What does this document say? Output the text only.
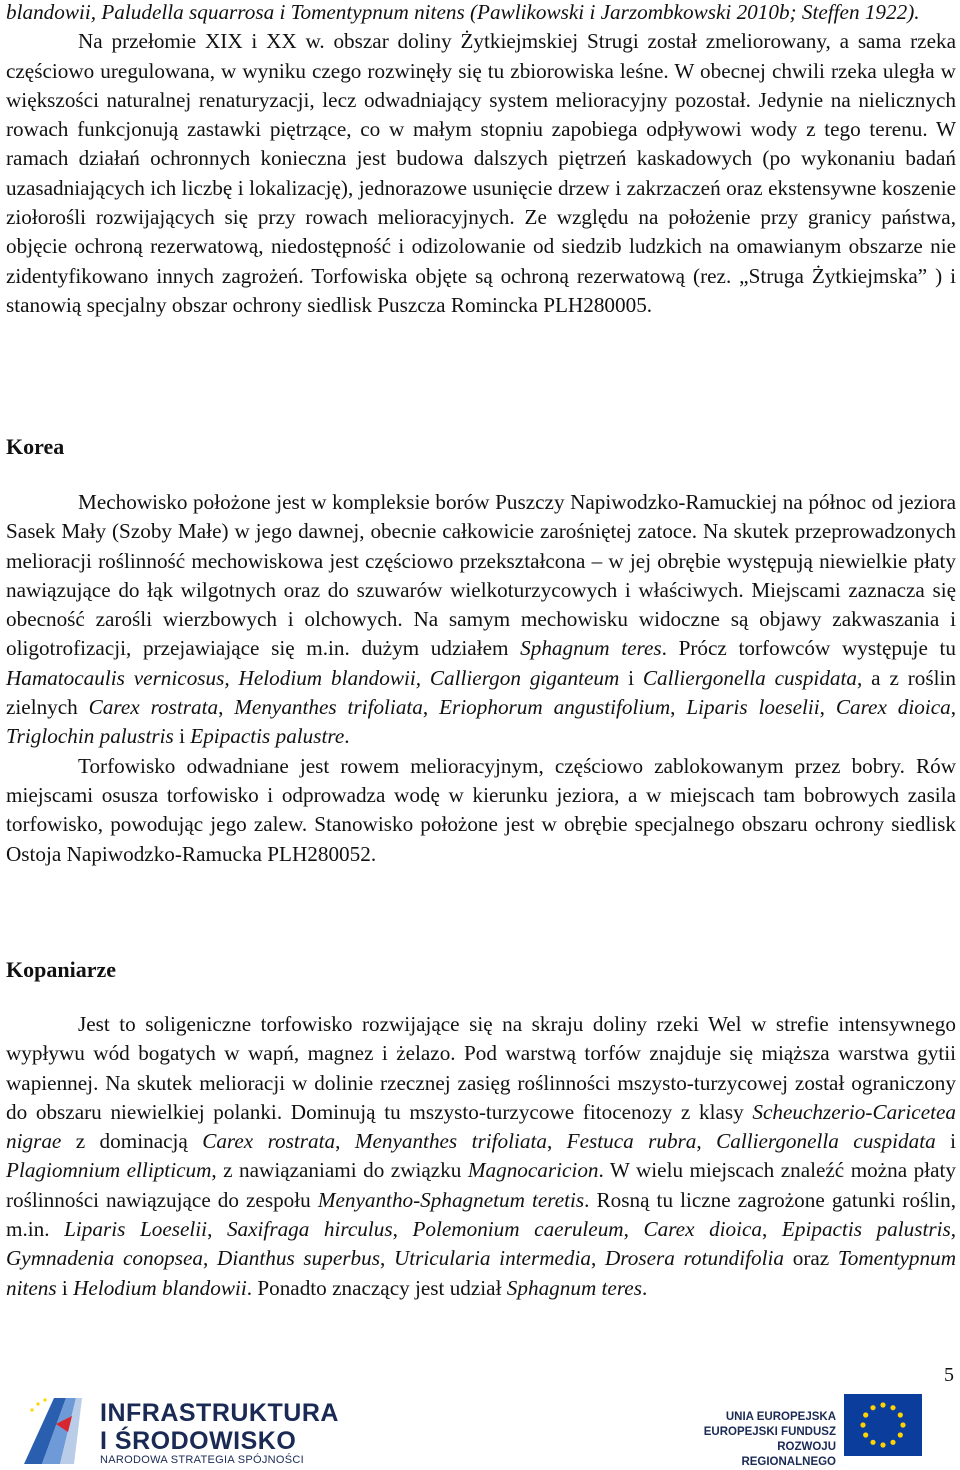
blandowii, Paludella squarrosa i Tomentypnum nitens (Pawlikowski i Jarzombkowski 2010b; Steffen 1922).

Na przełomie XIX i XX w. obszar doliny Żytkiejmskiej Strugi został zmeliorowany, a sama rzeka częściowo uregulowana, w wyniku czego rozwinęły się tu zbiorowiska leśne. W obecnej chwili rzeka uległa w większości naturalnej renaturyzacji, lecz odwadniający system melioracyjny pozostał. Jedynie na nielicznych rowach funkcjonują zastawki piętrzące, co w małym stopniu zapobiega odpływowi wody z tego terenu. W ramach działań ochronnych konieczna jest budowa dalszych piętrzeń kaskadowych (po wykonaniu badań uzasadniających ich liczbę i lokalizację), jednorazowe usunięcie drzew i zakrzaczeń oraz ekstensywne koszenie ziołorośli rozwijających się przy rowach melioracyjnych. Ze względu na położenie przy granicy państwa, objęcie ochroną rezerwatową, niedostępność i odizolowanie od siedzib ludzkich na omawianym obszarze nie zidentyfikowano innych zagrożeń. Torfowiska objęte są ochroną rezerwatową (rez. „Struga Żytkiejmska” ) i stanowią specjalny obszar ochrony siedlisk Puszcza Romincka PLH280005.

Korea

Mechowisko położone jest w kompleksie borów Puszczy Napiwodzko-Ramuckiej na północ od jeziora Sasek Mały (Szoby Małe) w jego dawnej, obecnie całkowicie zarośniętej zatoce. Na skutek przeprowadzonych melioracji roślinność mechowiskowa jest częściowo przekształcona – w jej obrębie występują niewielkie płaty nawiązujące do łąk wilgotnych oraz do szuwarów wielkoturzycowych i właściwych. Miejscami zaznacza się obecność zarośli wierzbowych i olchowych. Na samym mechowisku widoczne są objawy zakwaszania i oligotrofizacji, przejawiające się m.in. dużym udziałem Sphagnum teres. Prócz torfowców występuje tu Hamatocaulis vernicosus, Helodium blandowii, Calliergon giganteum i Calliergonella cuspidata, a z roślin zielnych Carex rostrata, Menyanthes trifoliata, Eriophorum angustifolium, Liparis loeselii, Carex dioica, Triglochin palustris i Epipactis palustre.

Torfowisko odwadniane jest rowem melioracyjnym, częściowo zablokowanym przez bobry. Rów miejscami osusza torfowisko i odprowadza wodę w kierunku jeziora, a w miejscach tam bobrowych zasila torfowisko, powodując jego zalew. Stanowisko położone jest w obrębie specjalnego obszaru ochrony siedlisk Ostoja Napiwodzko-Ramucka PLH280052.

Kopaniarze

Jest to soligeniczne torfowisko rozwijające się na skraju doliny rzeki Wel w strefie intensywnego wypływu wód bogatych w wapń, magnez i żelazo. Pod warstwą torfów znajduje się miąższa warstwa gytii wapiennej. Na skutek melioracji w dolinie rzecznej zasięg roślinności mszysto-turzycowej został ograniczony do obszaru niewielkiej polanki. Dominują tu mszysto-turzycowe fitocenozy z klasy Scheuchzerio-Caricetea nigrae z dominacją Carex rostrata, Menyanthes trifoliata, Festuca rubra, Calliergonella cuspidata i Plagiomnium ellipticum, z nawiązaniami do związku Magnocaricion. W wielu miejscach znaleźć można płaty roślinności nawiązujące do zespołu Menyantho-Sphagnetum teretis. Rosną tu liczne zagrożone gatunki roślin, m.in. Liparis Loeselii, Saxifraga hirculus, Polemonium caeruleum, Carex dioica, Epipactis palustris, Gymnadenia conopsea, Dianthus superbus, Utricularia intermedia, Drosera rotundifolia oraz Tomentypnum nitens i Helodium blandowii. Ponadto znaczący jest udział Sphagnum teres.

5
INFRASTRUKTURA
I ŚRODOWISKO
NARODOWA STRATEGIA SPÓJNOŚCI
UNIA EUROPEJSKA
EUROPEJSKI FUNDUSZ
ROZWOJU REGIONALNEGO
